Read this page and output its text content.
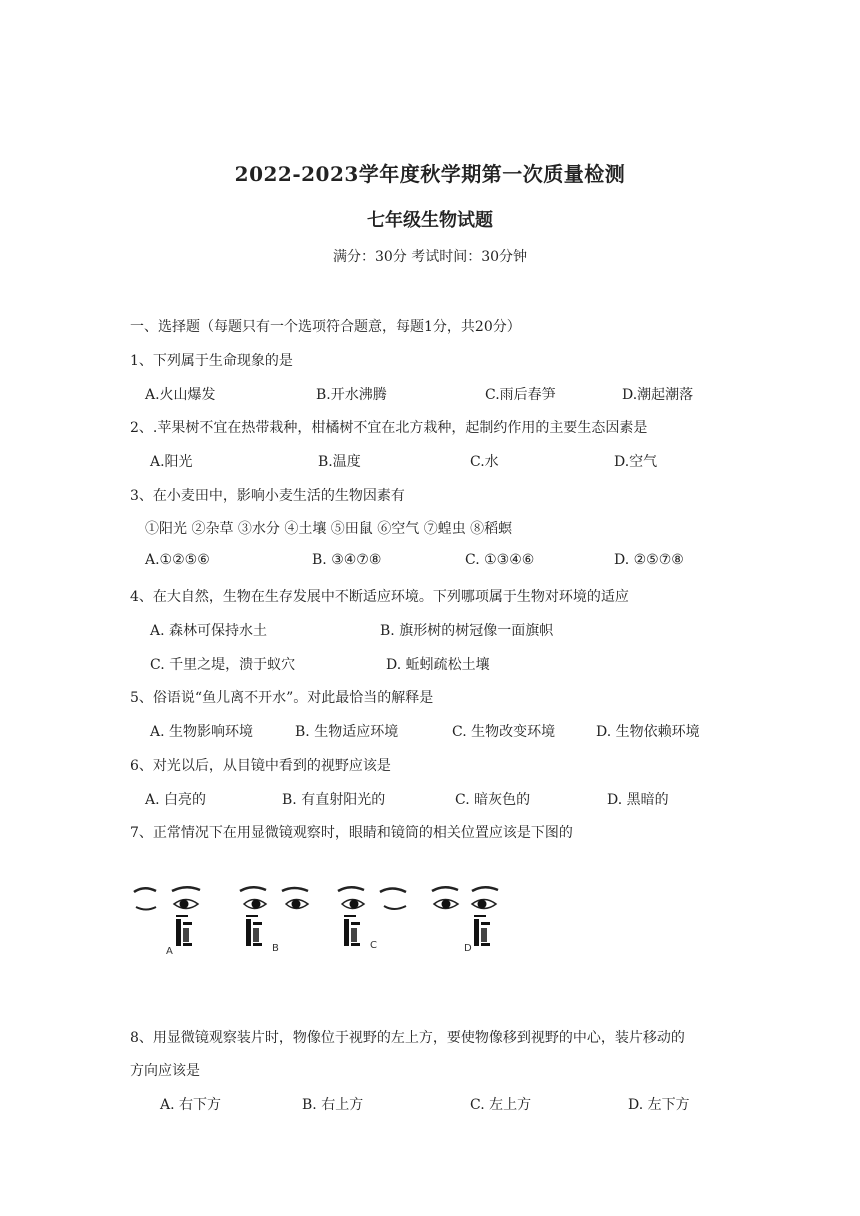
2022-2023学年度秋学期第一次质量检测
七年级生物试题
满分：30分 考试时间：30分钟
一、选择题（每题只有一个选项符合题意，每题1分，共20分）
1、下列属于生命现象的是
A.火山爆发	B.开水沸腾	C.雨后春笋	D.潮起潮落
2、.苹果树不宜在热带栽种，柑橘树不宜在北方栽种，起制约作用的主要生态因素是
A.阳光	B.温度	C.水	D.空气
3、在小麦田中，影响小麦生活的生物因素有
①阳光 ②杂草 ③水分 ④土壤 ⑤田鼠 ⑥空气 ⑦蝗虫 ⑧稻螟
A.①②⑤⑥	B. ③④⑦⑧	C. ①③④⑥	D. ②⑤⑦⑧
4、在大自然，生物在生存发展中不断适应环境。下列哪项属于生物对环境的适应
A. 森林可保持水土	B. 旗形树的树冠像一面旗帜
C. 千里之堤，溃于蚁穴	D. 蚯蚓疏松土壤
5、俗语说“鱼儿离不开水”。对此最恰当的解释是
A. 生物影响环境	B. 生物适应环境	C. 生物改变环境	D. 生物依赖环境
6、对光以后，从目镜中看到的视野应该是
A. 白亮的	B. 有直射阳光的	C. 暗灰色的	D. 黑暗的
7、正常情况下在用显微镜观察时，眼睛和镜筒的相关位置应该是下图的
A	B	C	D
8、用显微镜观察装片时，物像位于视野的左上方，要使物像移到视野的中心，装片移动的
方向应该是
A. 右下方	B. 右上方	C. 左上方	D. 左下方
